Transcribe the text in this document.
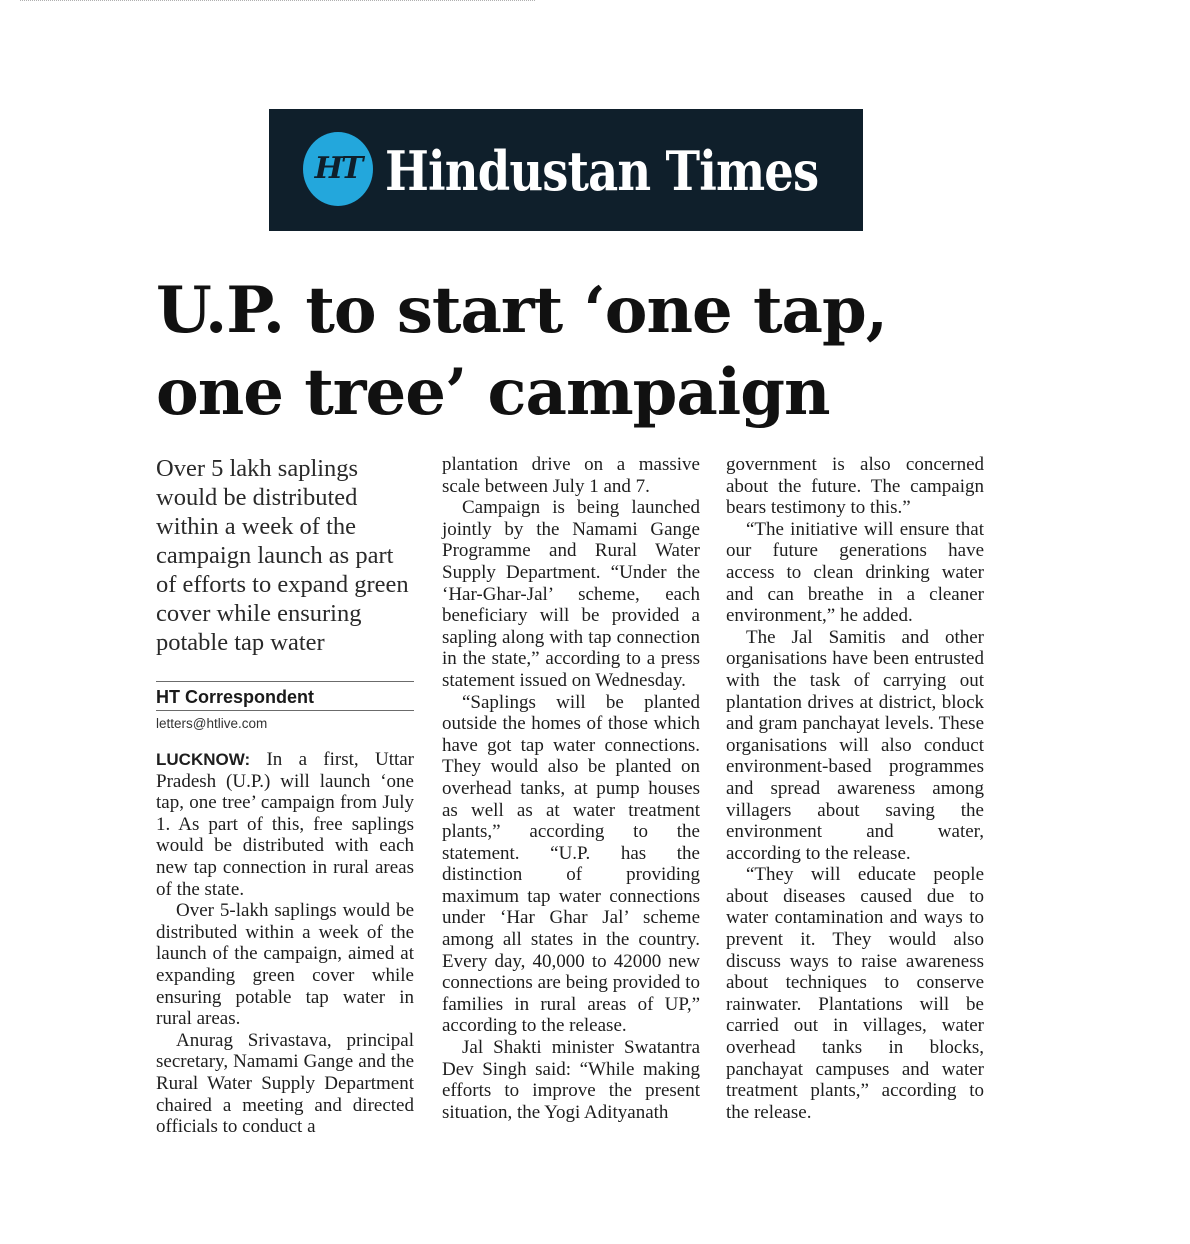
HT Hindustan Times
U.P. to start ‘one tap,
one tree’ campaign
Over 5 lakh saplings would be distributed within a week of the campaign launch as part of efforts to expand green cover while ensuring potable tap water
HT Correspondent
letters@htlive.com

LUCKNOW: In a first, Uttar Pradesh (U.P.) will launch ‘one tap, one tree’ campaign from July 1. As part of this, free saplings would be distributed with each new tap connection in rural areas of the state.

Over 5-lakh saplings would be distributed within a week of the launch of the campaign, aimed at expanding green cover while ensuring potable tap water in rural areas.

Anurag Srivastava, principal secretary, Namami Gange and the Rural Water Supply Department chaired a meeting and directed officials to conduct a

plantation drive on a massive scale between July 1 and 7.

Campaign is being launched jointly by the Namami Gange Programme and Rural Water Supply Department. “Under the ‘Har-Ghar-Jal’ scheme, each beneficiary will be provided a sapling along with tap connection in the state,” according to a press statement issued on Wednesday.

“Saplings will be planted outside the homes of those which have got tap water connections. They would also be planted on overhead tanks, at pump houses as well as at water treatment plants,” according to the statement. “U.P. has the distinction of providing maximum tap water connections under ‘Har Ghar Jal’ scheme among all states in the country. Every day, 40,000 to 42000 new connections are being provided to families in rural areas of UP,” according to the release.

Jal Shakti minister Swatantra Dev Singh said: “While making efforts to improve the present situation, the Yogi Adityanath

government is also concerned about the future. The campaign bears testimony to this.”

“The initiative will ensure that our future generations have access to clean drinking water and can breathe in a cleaner environment,” he added.

The Jal Samitis and other organisations have been entrusted with the task of carrying out plantation drives at district, block and gram panchayat levels. These organisations will also conduct environment-based programmes and spread awareness among villagers about saving the environment and water, according to the release.

“They will educate people about diseases caused due to water contamination and ways to prevent it. They would also discuss ways to raise awareness about techniques to conserve rainwater. Plantations will be carried out in villages, water overhead tanks in blocks, panchayat campuses and water treatment plants,” according to the release.
